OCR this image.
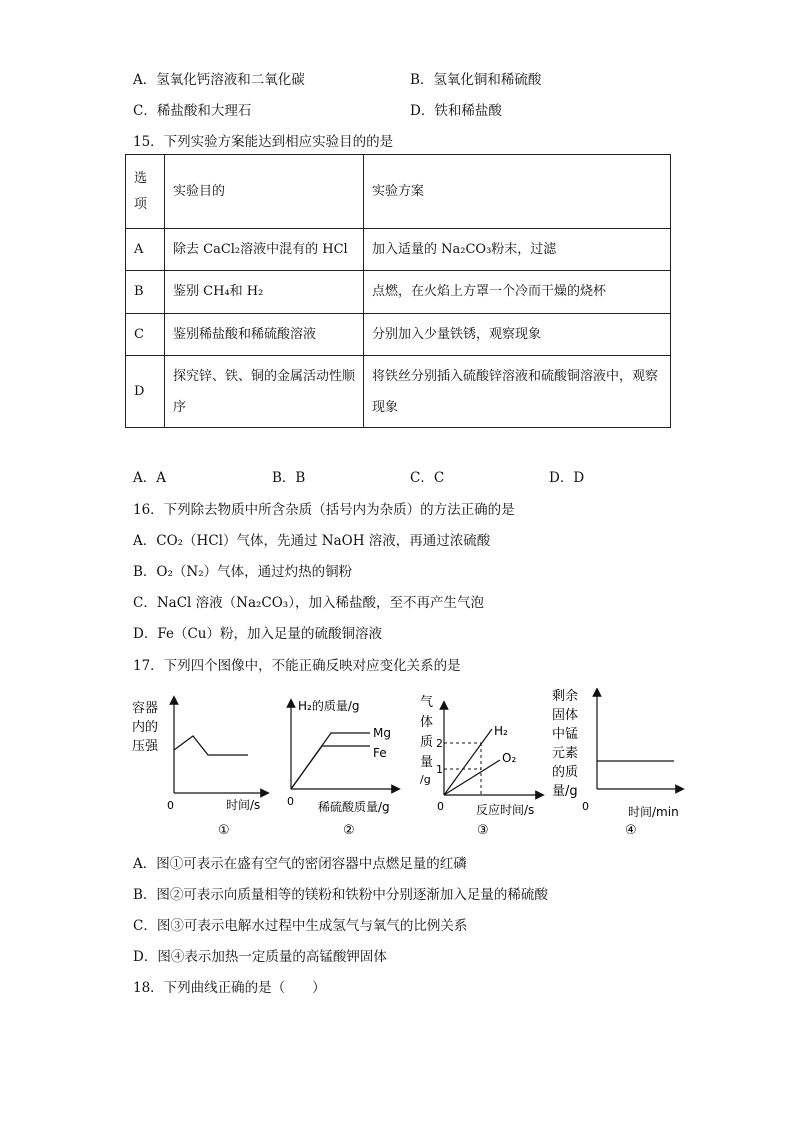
A．氢氧化钙溶液和二氧化碳	B．氢氧化铜和稀硫酸
C．稀盐酸和大理石	D．铁和稀盐酸
15．下列实验方案能达到相应实验目的的是
选
项	实验目的	实验方案
A	除去 CaCl₂溶液中混有的 HCl	加入适量的 Na₂CO₃粉末，过滤
B	鉴别 CH₄和 H₂	点燃，在火焰上方罩一个冷而干燥的烧杯
C	鉴别稀盐酸和稀硫酸溶液	分别加入少量铁锈，观察现象
D	探究锌、铁、铜的金属活动性顺序	将铁丝分别插入硫酸锌溶液和硫酸铜溶液中，观察现象
A．A	B．B	C．C	D．D
16．下列除去物质中所含杂质（括号内为杂质）的方法正确的是
A．CO₂（HCl）气体，先通过 NaOH 溶液，再通过浓硫酸
B．O₂（N₂）气体，通过灼热的铜粉
C．NaCl 溶液（Na₂CO₃），加入稀盐酸，至不再产生气泡
D．Fe（Cu）粉，加入足量的硫酸铜溶液
17．下列四个图像中，不能正确反映对应变化关系的是
容器
内的
压强
0	时间/s
①
H₂的质量/g
Mg
Fe
0 稀硫酸质量/g
②
气
体
质
量
/g
2
1
H₂
O₂
0	反应时间/s
③
剩余
固体
中锰
元素
的质
量/g
0	时间/min
④
A．图①可表示在盛有空气的密闭容器中点燃足量的红磷
B．图②可表示向质量相等的镁粉和铁粉中分别逐渐加入足量的稀硫酸
C．图③可表示电解水过程中生成氢气与氧气的比例关系
D．图④表示加热一定质量的高锰酸钾固体
18．下列曲线正确的是（　　）
